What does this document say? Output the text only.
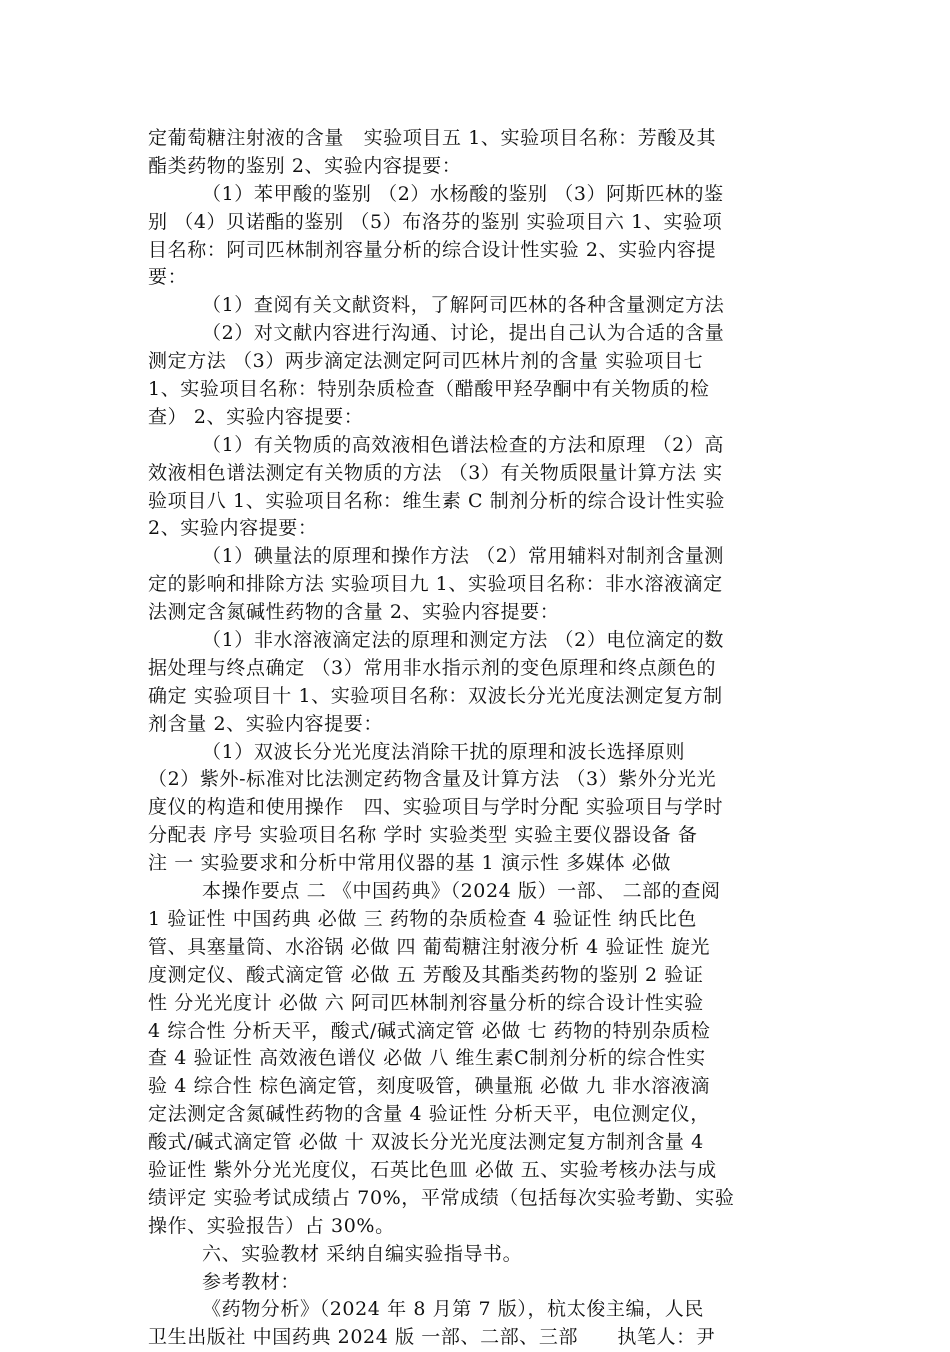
定葡萄糖注射液的含量　实验项目五 1、实验项目名称：芳酸及其
酯类药物的鉴别 2、实验内容提要：
（1）苯甲酸的鉴别 （2）水杨酸的鉴别 （3）阿斯匹林的鉴
别 （4）贝诺酯的鉴别 （5）布洛芬的鉴别 实验项目六 1、实验项
目名称：阿司匹林制剂容量分析的综合设计性实验 2、实验内容提
要：
（1）查阅有关文献资料，了解阿司匹林的各种含量测定方法
（2）对文献内容进行沟通、讨论，提出自己认为合适的含量
测定方法 （3）两步滴定法测定阿司匹林片剂的含量 实验项目七
1、实验项目名称：特别杂质检查（醋酸甲羟孕酮中有关物质的检
查） 2、实验内容提要：
（1）有关物质的高效液相色谱法检查的方法和原理 （2）高
效液相色谱法测定有关物质的方法 （3）有关物质限量计算方法 实
验项目八 1、实验项目名称：维生素 C 制剂分析的综合设计性实验
2、实验内容提要：
（1）碘量法的原理和操作方法 （2）常用辅料对制剂含量测
定的影响和排除方法 实验项目九 1、实验项目名称：非水溶液滴定
法测定含氮碱性药物的含量 2、实验内容提要：
（1）非水溶液滴定法的原理和测定方法 （2）电位滴定的数
据处理与终点确定 （3）常用非水指示剂的变色原理和终点颜色的
确定 实验项目十 1、实验项目名称：双波长分光光度法测定复方制
剂含量 2、实验内容提要：
（1）双波长分光光度法消除干扰的原理和波长选择原则
（2）紫外-标准对比法测定药物含量及计算方法 （3）紫外分光光
度仪的构造和使用操作　四、实验项目与学时分配 实验项目与学时
分配表 序号 实验项目名称 学时 实验类型 实验主要仪器设备 备
注 一 实验要求和分析中常用仪器的基 1 演示性 多媒体 必做
本操作要点 二 《中国药典》（2024 版）一部、 二部的查阅
1 验证性 中国药典 必做 三 药物的杂质检查 4 验证性 纳氏比色
管、具塞量筒、水浴锅 必做 四 葡萄糖注射液分析 4 验证性 旋光
度测定仪、酸式滴定管 必做 五 芳酸及其酯类药物的鉴别 2 验证
性 分光光度计 必做 六 阿司匹林制剂容量分析的综合设计性实验
4 综合性 分析天平，酸式/碱式滴定管 必做 七 药物的特别杂质检
查 4 验证性 高效液色谱仪 必做 八 维生素C制剂分析的综合性实
验 4 综合性 棕色滴定管，刻度吸管，碘量瓶 必做 九 非水溶液滴
定法测定含氮碱性药物的含量 4 验证性 分析天平，电位测定仪，
酸式/碱式滴定管 必做 十 双波长分光光度法测定复方制剂含量 4
验证性 紫外分光光度仪，石英比色皿 必做 五、实验考核办法与成
绩评定 实验考试成绩占 70%，平常成绩（包括每次实验考勤、实验
操作、实验报告）占 30%。
六、实验教材 采纳自编实验指导书。
参考教材：
《药物分析》（2024 年 8 月第 7 版），杭太俊主编，人民
卫生出版社 中国药典 2024 版 一部、二部、三部　　执笔人：尹
